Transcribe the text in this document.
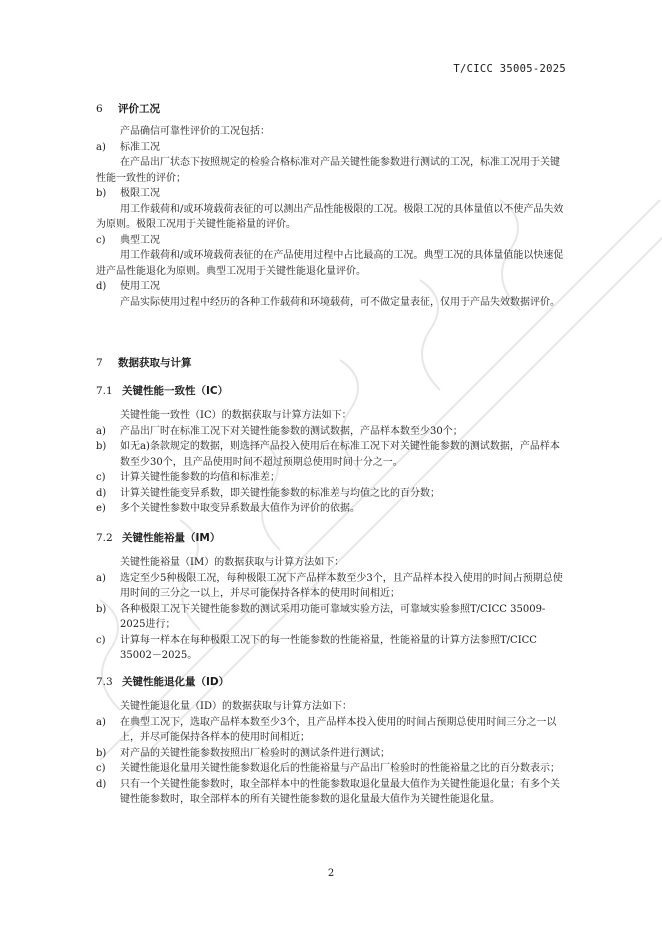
T/CICC 35005-2025
6 评价工况

产品确信可靠性评价的工况包括：

a) 标准工况

在产品出厂状态下按照规定的检验合格标准对产品关键性能参数进行测试的工况，标准工况用于关键性能一致性的评价；

b) 极限工况

用工作载荷和/或环境载荷表征的可以测出产品性能极限的工况。极限工况的具体量值以不使产品失效为原则。极限工况用于关键性能裕量的评价。

c) 典型工况

用工作载荷和/或环境载荷表征的在产品使用过程中占比最高的工况。典型工况的具体量值能以快速促进产品性能退化为原则。典型工况用于关键性能退化量评价。

d) 使用工况

产品实际使用过程中经历的各种工作载荷和环境载荷，可不做定量表征，仅用于产品失效数据评价。

7 数据获取与计算
7.1 关键性能一致性（IC）

关键性能一致性（IC）的数据获取与计算方法如下：

a) 产品出厂时在标准工况下对关键性能参数的测试数据，产品样本数至少30个；

b) 如无a)条款规定的数据，则选择产品投入使用后在标准工况下对关键性能参数的测试数据，产品样本数至少30个，且产品使用时间不超过预期总使用时间十分之一。

c) 计算关键性能参数的均值和标准差；

d) 计算关键性能变异系数，即关键性能参数的标准差与均值之比的百分数；

e) 多个关键性参数中取变异系数最大值作为评价的依据。

7.2 关键性能裕量（IM）

关键性能裕量（IM）的数据获取与计算方法如下：

a) 选定至少5种极限工况，每种极限工况下产品样本数至少3个，且产品样本投入使用的时间占预期总使用时间的三分之一以上，并尽可能保持各样本的使用时间相近；

b) 各种极限工况下关键性能参数的测试采用功能可靠域实验方法，可靠域实验参照T/CICC 35009-2025进行；

c) 计算每一样本在每种极限工况下的每一性能参数的性能裕量，性能裕量的计算方法参照T/CICC 35002－2025。

7.3 关键性能退化量（ID）

关键性能退化量（ID）的数据获取与计算方法如下：

a) 在典型工况下，选取产品样本数至少3个，且产品样本投入使用的时间占预期总使用时间三分之一以上，并尽可能保持各样本的使用时间相近；

b) 对产品的关键性能参数按照出厂检验时的测试条件进行测试；

c) 关键性能退化量用关键性能参数退化后的性能裕量与产品出厂检验时的性能裕量之比的百分数表示；

d) 只有一个关键性能参数时，取全部样本中的性能参数取退化量最大值作为关键性能退化量；有多个关键性能参数时，取全部样本的所有关键性能参数的退化量最大值作为关键性能退化量。

2
